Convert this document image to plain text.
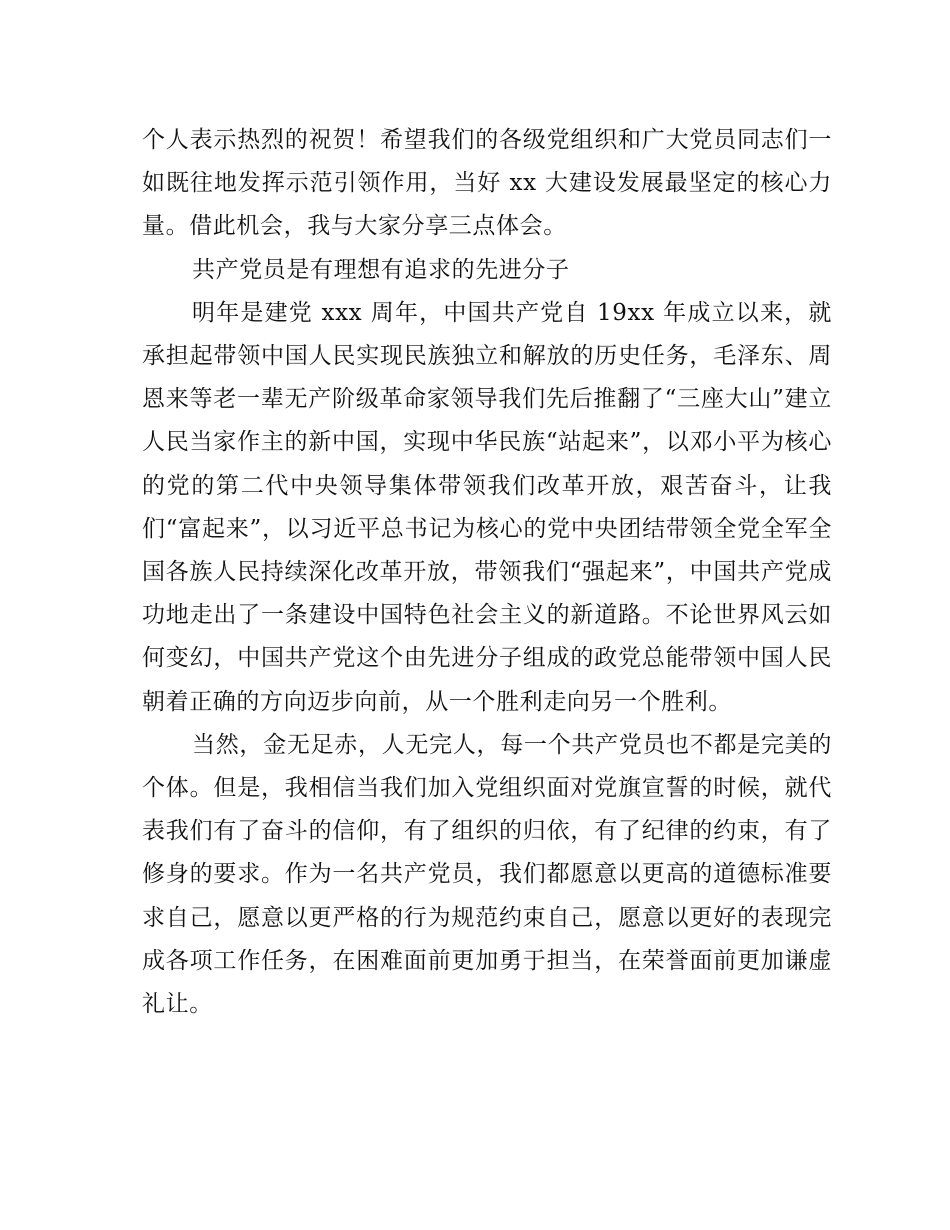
个人表示热烈的祝贺！希望我们的各级党组织和广大党员同志们一如既往地发挥示范引领作用，当好 xx 大建设发展最坚定的核心力量。借此机会，我与大家分享三点体会。

共产党员是有理想有追求的先进分子

明年是建党 xxx 周年，中国共产党自 19xx 年成立以来，就承担起带领中国人民实现民族独立和解放的历史任务，毛泽东、周恩来等老一辈无产阶级革命家领导我们先后推翻了“三座大山”建立人民当家作主的新中国，实现中华民族“站起来”，以邓小平为核心的党的第二代中央领导集体带领我们改革开放，艰苦奋斗，让我们“富起来”，以习近平总书记为核心的党中央团结带领全党全军全国各族人民持续深化改革开放，带领我们“强起来”，中国共产党成功地走出了一条建设中国特色社会主义的新道路。不论世界风云如何变幻，中国共产党这个由先进分子组成的政党总能带领中国人民朝着正确的方向迈步向前，从一个胜利走向另一个胜利。

当然，金无足赤，人无完人，每一个共产党员也不都是完美的个体。但是，我相信当我们加入党组织面对党旗宣誓的时候，就代表我们有了奋斗的信仰，有了组织的归依，有了纪律的约束，有了修身的要求。作为一名共产党员，我们都愿意以更高的道德标准要求自己，愿意以更严格的行为规范约束自己，愿意以更好的表现完成各项工作任务，在困难面前更加勇于担当，在荣誉面前更加谦虚礼让。
